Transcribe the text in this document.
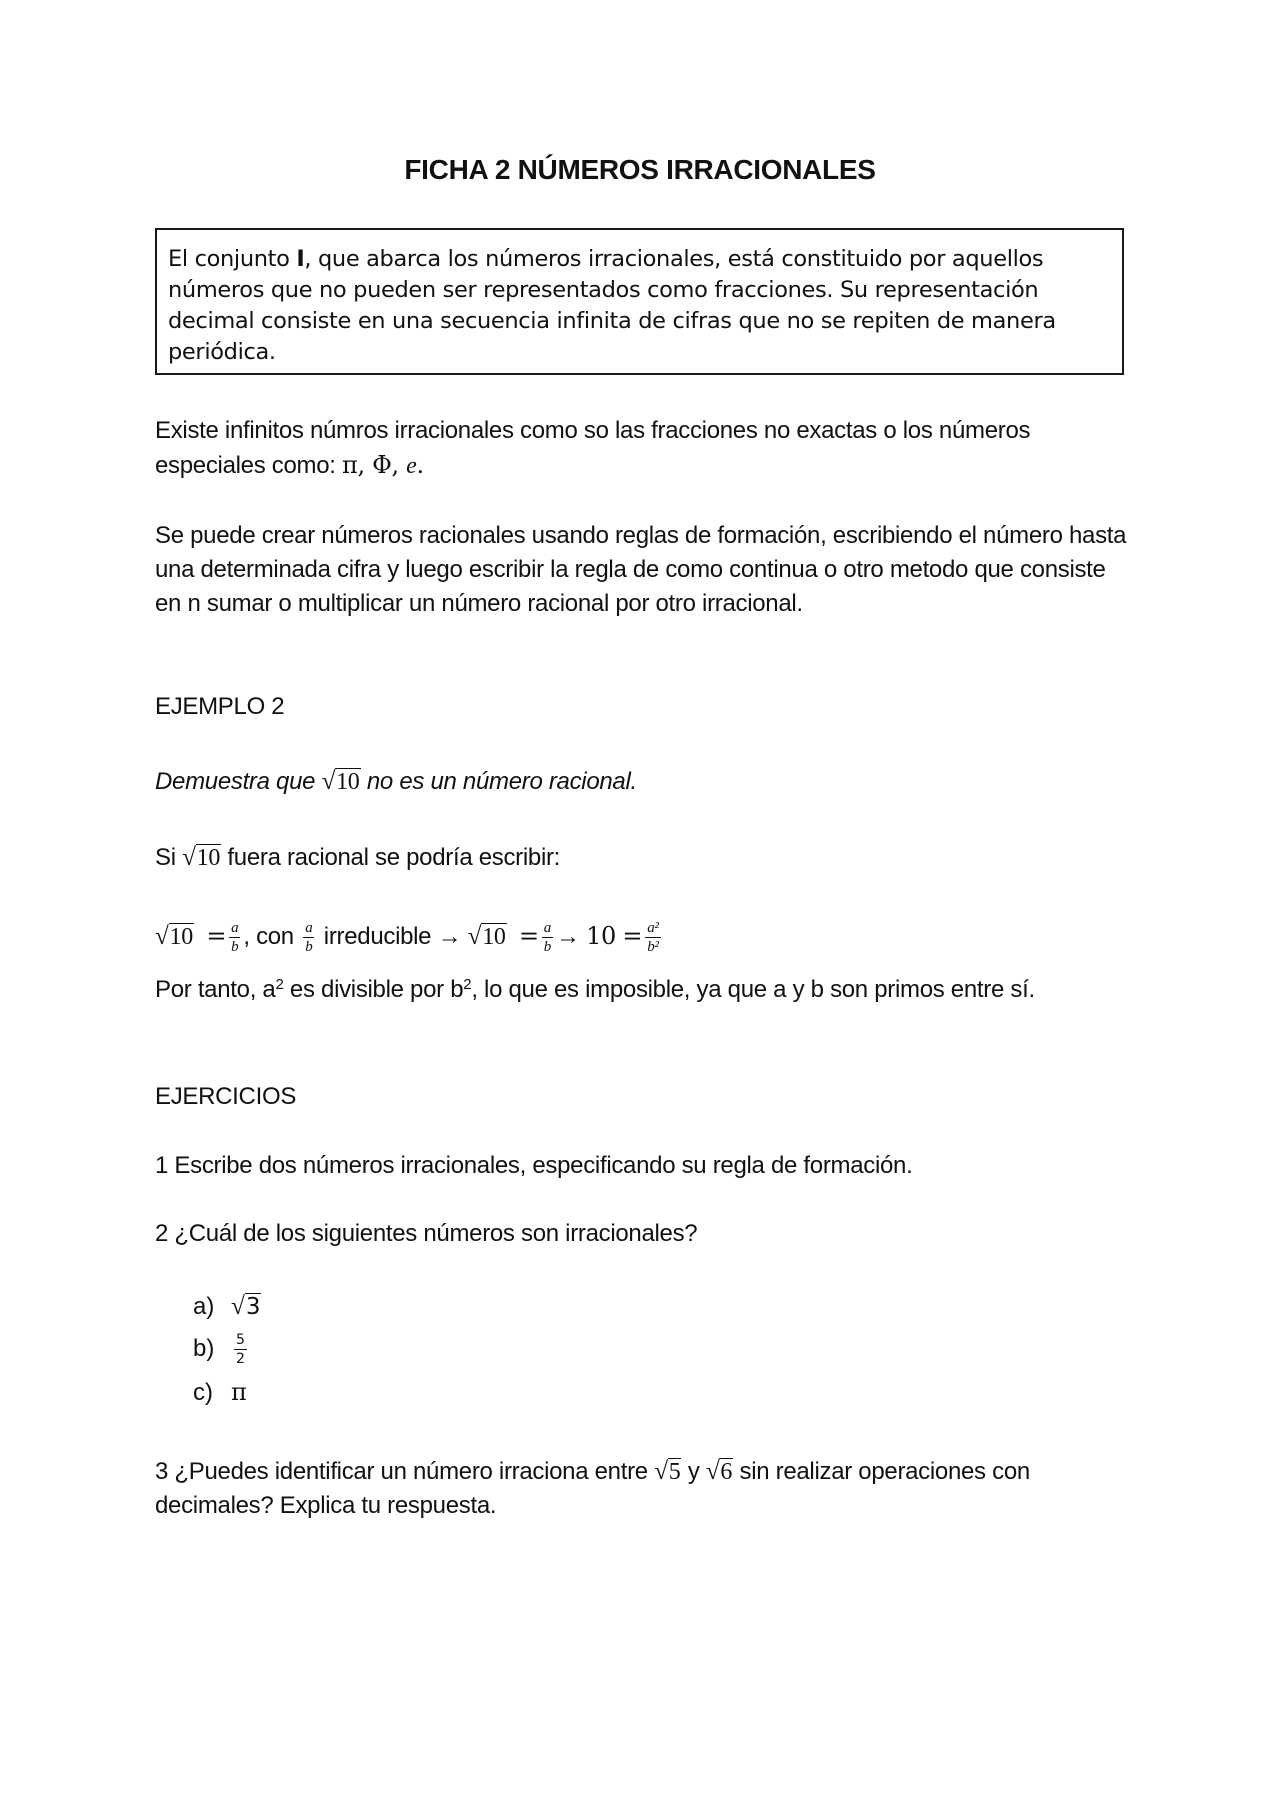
FICHA 2 NÚMEROS IRRACIONALES
El conjunto I, que abarca los números irracionales, está constituido por aquellos números que no pueden ser representados como fracciones. Su representación decimal consiste en una secuencia infinita de cifras que no se repiten de manera periódica.
Existe infinitos númros irracionales como so las fracciones no exactas o los números especiales como: π, Φ, e.
Se puede crear números racionales usando reglas de formación, escribiendo el número hasta una determinada cifra y luego escribir la regla de como continua o otro metodo que consiste en n sumar o multiplicar un número racional por otro irracional.
EJEMPLO 2
Demuestra que √10 no es un número racional.
Si √10 fuera racional se podría escribir:
$√10 = \frac{a}{b}$ , con $\frac{a}{b}$ irreducible → $√10 = \frac{a}{b} \to 10 = \frac{\text{a²}}{\text{b²}}$
Por tanto, $a^2$ es divisible por $b^2$, lo que es imposible, ya que a y b son primos entre sí.
EJERCICIOS
1 Escribe dos números irracionales, especificando su regla de formación.
2 ¿Cuál de los siguientes números son irracionales?
a) √3
$b) \frac{5}{2}$
c) π
3 ¿Puedes identificar un número irraciona entre √5 y √6 sin realizar operaciones con decimales? Explica tu respuesta.
